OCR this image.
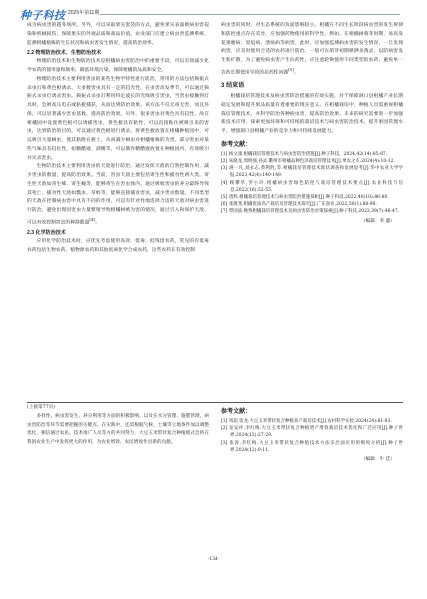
种子科技 2025年第11期

成为病虫害的越冬场所。另外，可以采取果实套袋的方式，避免果实表面被病虫害侵染和机械损伤，保障果实的外观品质和商品价值。农业部门应建立病虫害监测系统，监测柑橘植株的生长状况和病虫害发生情况，提高防治效率。

2.2 物理防治技术、生物防治技术

物理防治技术和生物防治技术是柑橘病虫害防治中的重要手段，可以有效减少化学农药的使用量和频率，降低环境污染，保障柑橘的品质和安全。

物理防治技术主要利用害虫的某些生物学特性进行防治，常用的方法包括频振式杀虫灯和黄色板诱杀。大多数害虫具有一定的趋光性，在虫害高发季节，可以通过频振式杀虫灯诱杀害虫。频振式杀虫灯利用特定波长的光线吸引害虫，当害虫接触到灯具时，会被高压电击或粘板捕获，从而达到防治效果。该方法不仅无毒无害，而且环保，可以显著减少害虫基数，提高防治效果。另外，很多害虫对黄色具有趋性，故在柑橘园中设置黄色板可以诱捕害虫，黄色板具有粘性，可以直接粘住被吸引来的害虫，达到防治的目的。可以通过黄色板进行诱杀，将黄色板放置在柑橘种植园中，可以吸引大量蚜虫，使其粘附在板上，从而减少蚜虫对柑橘植株的为害。部分害虫对某些气味具有趋化性，如糖醋液、酒精等，可以制作糖醋液放置在种植园内，有效吸引并灭杀害虫。

生物防治技术主要利用害虫的天敌进行防治，通过发挥天敌的自然控制作用，减少害虫的数量，提高防治效果。当前，害虫天敌主要包括寄生性和捕食性两大类。寄生性天敌如寄生蜂、寄生蝇等，能够寄生在害虫体内，通过吸收害虫的养分最终导致其死亡，捕食性天敌如瓢虫、草蛉等，能够直接捕食害虫，减少害虫数量。不同类型的天敌在控制病虫害中具有不同的作用，可以有针对性地选择合适的天敌对病虫害进行防治，避免出现因害虫大量繁殖导致柑橘树被为害的情况，通过引入和保护天敌，可以有效控制害虫的种群数量[4]。

2.3 化学防治技术

应用化学防治技术时，应优先考虑使用高效、低毒、低残留农药，常见的有低毒农药包括生物农药、植物源农药和其他低毒化学合成农药，这些农药在有效控制

病虫害的同时，对生态系统的负面影响较小。柑橘在不同生长阶段病虫害的发生规律和防控重点存在差异，应加强药物使用的科学性。例如，在柑橘树萌芽时期，易高发花蕾蛆病、炭疽病、溃疡病等病害，此时，应加强监测病虫害的发生情况，一旦发现病害，应及时使用合适的农药进行防治。一般可在萌芽初期喷洒多菌灵，以防病害发生和扩散，为了避免病虫害产生抗药性，应注意轮换使用不同类型的农药，避免单一农药长期使用导致的抗药性问题[5]。

3 结束语

柑橘栽培管理技术及病虫害防治措施的有效实施，对于保障洞口县柑橘产业长期稳定发展和提升果品质量有着重要的现实意义。在柑橘栽培中，种植人员需重视柑橘栽培管理技术，并科学防治各种病虫害，提高防治效果。未来的研究需要进一步加强新技术应用，探索更加环保和可持续的栽培技术与病虫害防治技术，提升果园管理水平，增强洞口县柑橘产业的竞争力和可持续发展能力。

参考文献：
[1] 杨文康.柑橘栽培管理技术与病虫害防治措施[J].种子科技，2024,42(14):85-87.
[2] 朱晓龙,周明强,孙灵.衢州市柑橘品种色泽栽培管理技术[J].果农之友,2024(4):10-12.
[3] 满一凡,刘永志,黄利胜,等.柑橘栽培管理技术现状调查和发展思考[J].华中农业大学学报,2023,42(4):140-149.
[4] 顾攀华,罗小玲.柑橘病虫害绿色防控与栽培管理技术要点[J].农业科技与信息,2022(16):52-55.
[5] 唐辉.柑橘栽培管理技术与病虫害防治措施探析[J].种子科技,2022,40(10):86-88.
[6] 张敬斐.柑橘优质高产栽培及管理技术探究[J].广东蚕业,2022,56(1):88-90.
[7] 覃国波.晚熟柑橘栽培管理技术及病虫害防治对策探索[J].种子科技,2023,39(7):46-47.
（编辑：李 鑫）

(上接第77页)

多样性、病虫害发生、养分利用等方面的积极影响，以及在水分管理、施肥管理、病虫害防治等环节需要把握的关键点。在实践中，还需根据气候、土壤等立地条件加以调整优化，相信通过农民、技术推广人员等方的共同努力，大豆玉米带状复合种植模式会将在我国农业生产中发挥更大的作用，为农业增效、农民增收作出新的贡献。

参考文献：
[1] 周超,张龙.大豆玉米带状复合种植高产栽培技术[J].农村科学实验,2024(24):81-83.
[2] 龙安祥,李红梅.大豆玉米带状复合种植增产增效栽培技术优化和广泛应用[J].种子世界,2024(12):27-29.
[3] 张涛,李红梅.大豆玉米带状复合种植技术方法多层面应用的细致分析[J].种子世界,2024(12):9-11.
（编辑：牛 佳）
·134·
